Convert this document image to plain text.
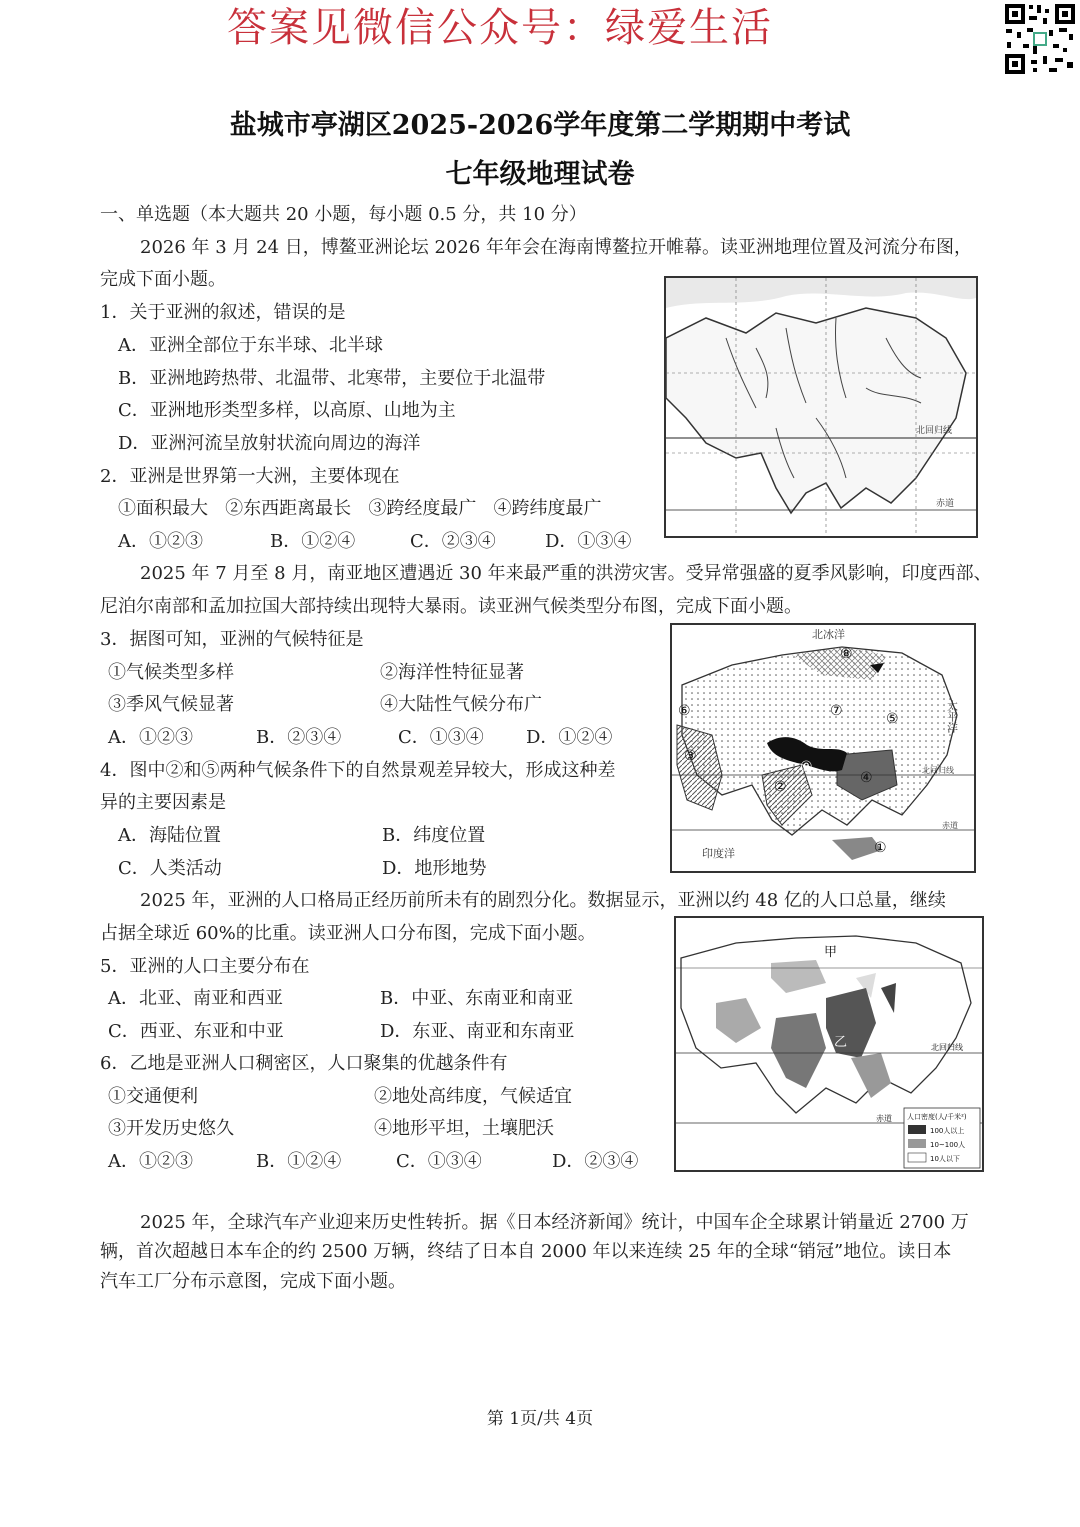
答案见微信公众号：绿爱生活
盐城市亭湖区2025-2026学年度第二学期期中考试
七年级地理试卷
一、单选题（本大题共 20 小题，每小题 0.5 分，共 10 分）
2026 年 3 月 24 日，博鳌亚洲论坛 2026 年年会在海南博鳌拉开帷幕。读亚洲地理位置及河流分布图，
完成下面小题。
1．关于亚洲的叙述，错误的是
A．亚洲全部位于东半球、北半球
B．亚洲地跨热带、北温带、北寒带，主要位于北温带
C．亚洲地形类型多样，以高原、山地为主
D．亚洲河流呈放射状流向周边的海洋
2．亚洲是世界第一大洲，主要体现在
①面积最大   ②东西距离最长   ③跨经度最广   ④跨纬度最广
A．①②③	B．①②④	C．②③④	D．①③④
北回归线
赤道
2025 年 7 月至 8 月，南亚地区遭遇近 30 年来最严重的洪涝灾害。受异常强盛的夏季风影响，印度西部、
尼泊尔南部和孟加拉国大部持续出现特大暴雨。读亚洲气候类型分布图，完成下面小题。
3．据图可知，亚洲的气候特征是
①气候类型多样	②海洋性特征显著
③季风气候显著	④大陆性气候分布广
A．①②③	B．②③④	C．①③④ D．①②④
4．图中②和⑤两种气候条件下的自然景观差异较大，形成这种差
异的主要因素是
A．海陆位置	B．纬度位置
C．人类活动	D．地形地势
北冰洋
太平洋
印度洋
北回归线
赤道
①
②
③
④
⑤
⑥	⑦
⑧
⑨
2025 年，亚洲的人口格局正经历前所未有的剧烈分化。数据显示，亚洲以约 48 亿的人口总量，继续
占据全球近 60%的比重。读亚洲人口分布图，完成下面小题。
5．亚洲的人口主要分布在
A．北亚、南亚和西亚	B．中亚、东南亚和南亚
C．西亚、东亚和中亚	D．东亚、南亚和东南亚
6．乙地是亚洲人口稠密区，人口聚集的优越条件有
①交通便利	②地处高纬度，气候适宜
③开发历史悠久	④地形平坦，土壤肥沃
A．①②③	B．①②④	C．①③④	D．②③④
甲
乙	北回归线
赤道 人口密度(人/千米²)
100人以上
10~100人
10人以下
2025 年，全球汽车产业迎来历史性转折。据《日本经济新闻》统计，中国车企全球累计销量近 2700 万
辆，首次超越日本车企的约 2500 万辆，终结了日本自 2000 年以来连续 25 年的全球“销冠”地位。读日本
汽车工厂分布示意图，完成下面小题。
第 1页/共 4页
